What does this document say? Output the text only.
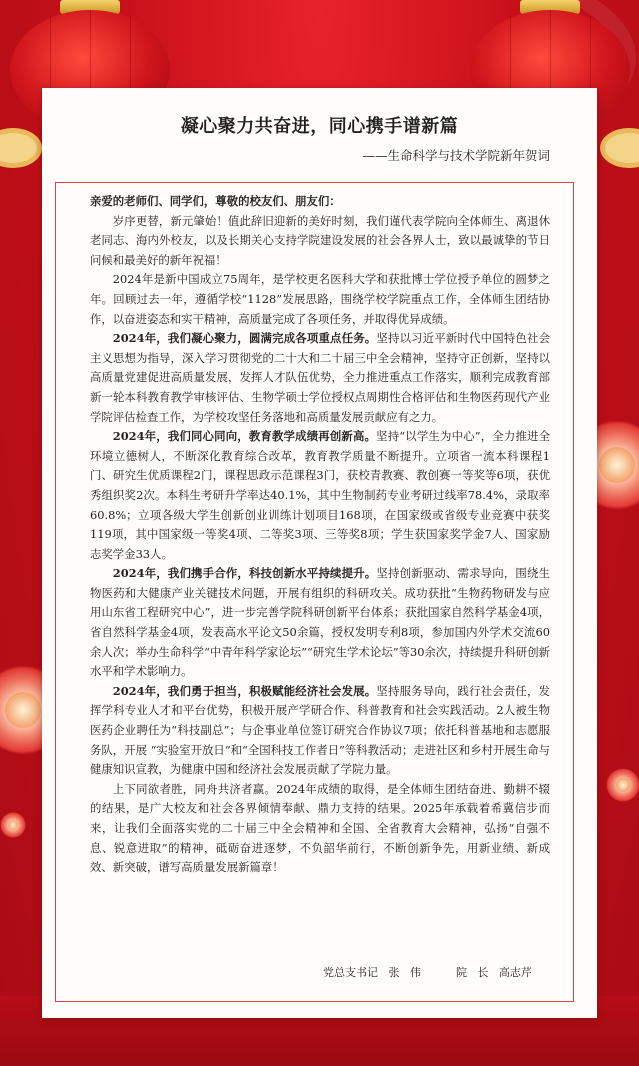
凝心聚力共奋进，同心携手谱新篇
——生命科学与技术学院新年贺词

亲爱的老师们、同学们，尊敬的校友们、朋友们：

岁序更替，新元肇始！值此辞旧迎新的美好时刻，我们谨代表学院向全体师生、离退休老同志、海内外校友，以及长期关心支持学院建设发展的社会各界人士，致以最诚挚的节日问候和最美好的新年祝福！

2024年是新中国成立75周年，是学校更名医科大学和获批博士学位授予单位的圆梦之年。回顾过去一年，遵循学校“1128”发展思路，围绕学校学院重点工作，全体师生团结协作，以奋进姿态和实干精神，高质量完成了各项任务，并取得优异成绩。

2024年，我们凝心聚力，圆满完成各项重点任务。坚持以习近平新时代中国特色社会主义思想为指导，深入学习贯彻党的二十大和二十届三中全会精神，坚持守正创新，坚持以高质量党建促进高质量发展，发挥人才队伍优势，全力推进重点工作落实，顺利完成教育部新一轮本科教育教学审核评估、生物学硕士学位授权点周期性合格评估和生物医药现代产业学院评估检查工作，为学校攻坚任务落地和高质量发展贡献应有之力。

2024年，我们同心同向，教育教学成绩再创新高。坚持“以学生为中心”，全力推进全环境立德树人，不断深化教育综合改革，教育教学质量不断提升。立项省一流本科课程1门、研究生优质课程2门，课程思政示范课程3门，获校青教赛、教创赛一等奖等6项，获优秀组织奖2次。本科生考研升学率达40.1%，其中生物制药专业考研过线率78.4%，录取率60.8%；立项各级大学生创新创业训练计划项目168项，在国家级或省级专业竞赛中获奖119项，其中国家级一等奖4项、二等奖3项、三等奖8项；学生获国家奖学金7人、国家励志奖学金33人。

2024年，我们携手合作，科技创新水平持续提升。坚持创新驱动、需求导向，围绕生物医药和大健康产业关键技术问题，开展有组织的科研攻关。成功获批“生物药物研发与应用山东省工程研究中心”，进一步完善学院科研创新平台体系；获批国家自然科学基金4项，省自然科学基金4项，发表高水平论文50余篇，授权发明专利8项，参加国内外学术交流60余人次；举办生命科学“中青年科学家论坛”“研究生学术论坛”等30余次，持续提升科研创新水平和学术影响力。

2024年，我们勇于担当，积极赋能经济社会发展。坚持服务导向，践行社会责任，发挥学科专业人才和平台优势，积极开展产学研合作、科普教育和社会实践活动。2人被生物医药企业聘任为“科技副总”；与企事业单位签订研究合作协议7项；依托科普基地和志愿服务队，开展 “实验室开放日”和“全国科技工作者日”等科教活动；走进社区和乡村开展生命与健康知识宣教，为健康中国和经济社会发展贡献了学院力量。

上下同欲者胜，同舟共济者赢。2024年成绩的取得，是全体师生团结奋进、勤耕不辍的结果，是广大校友和社会各界倾情奉献、鼎力支持的结果。2025年承载着希冀信步而来，让我们全面落实党的二十届三中全会精神和全国、全省教育大会精神，弘扬“自强不息、锐意进取”的精神，砥砺奋进逐梦，不负韶华前行，不断创新争先，用新业绩、新成效、新突破，谱写高质量发展新篇章！

党总支书记   张   伟          院   长   高志芹
